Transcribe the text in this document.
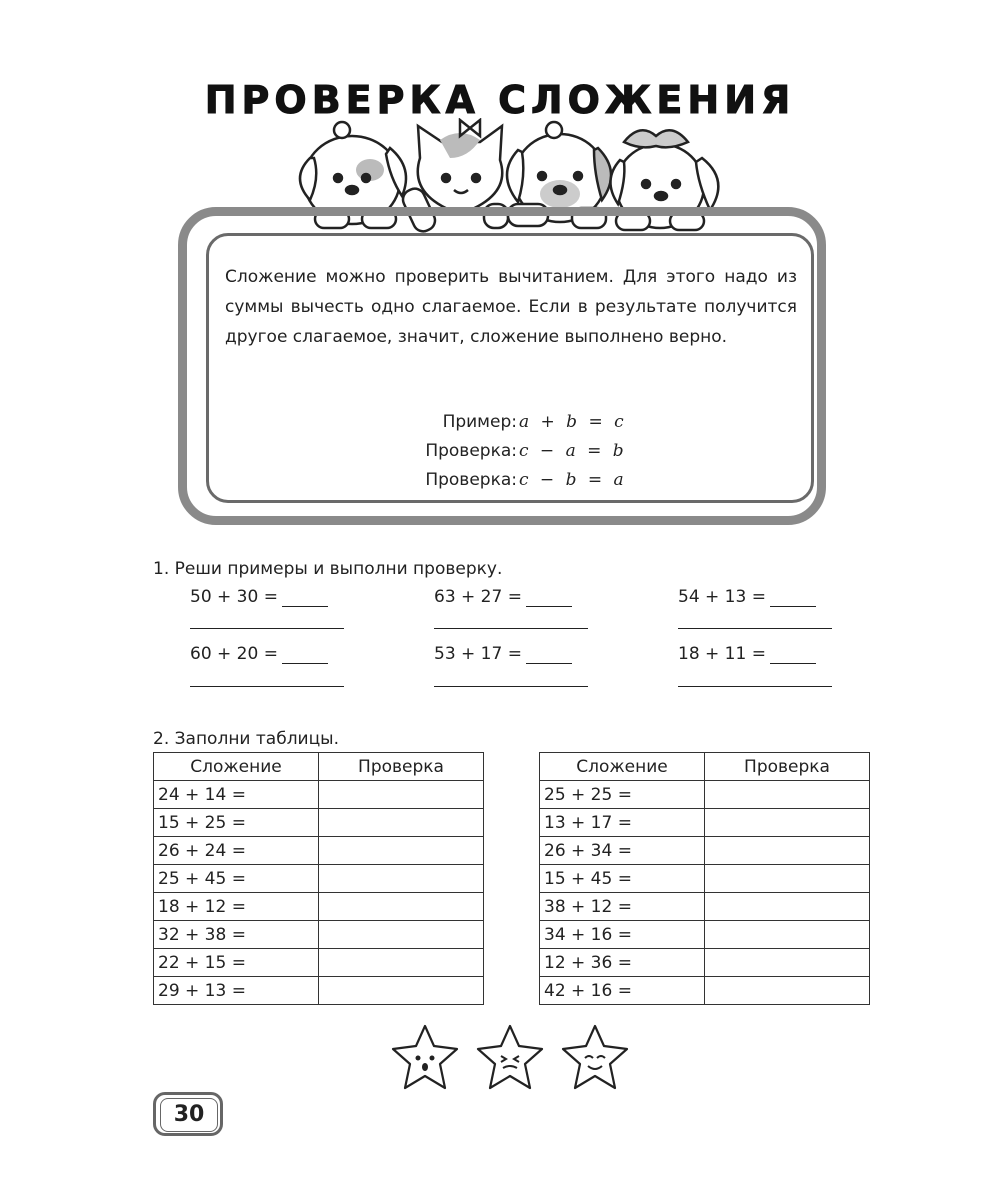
ПРОВЕРКА СЛОЖЕНИЯ
Сложение можно проверить вычитанием. Для этого надо из суммы вычесть одно слагаемое. Если в результате получится другое слагаемое, значит, сложение выполнено верно.
Пример: a + b = c
Проверка: c − a = b
Проверка: c − b = a
1. Реши примеры и выполни проверку.
50 + 30 =	63 + 27 =	54 + 13 =
60 + 20 =	53 + 17 =	18 + 11 =
2. Заполни таблицы.
Сложение	Проверка
24 + 14 =	
15 + 25 =	
26 + 24 =	
25 + 45 =	
18 + 12 =	
32 + 38 =	
22 + 15 =	
29 + 13 =	
Сложение	Проверка
25 + 25 =	
13 + 17 =	
26 + 34 =	
15 + 45 =	
38 + 12 =	
34 + 16 =	
12 + 36 =	
42 + 16 =	
30
